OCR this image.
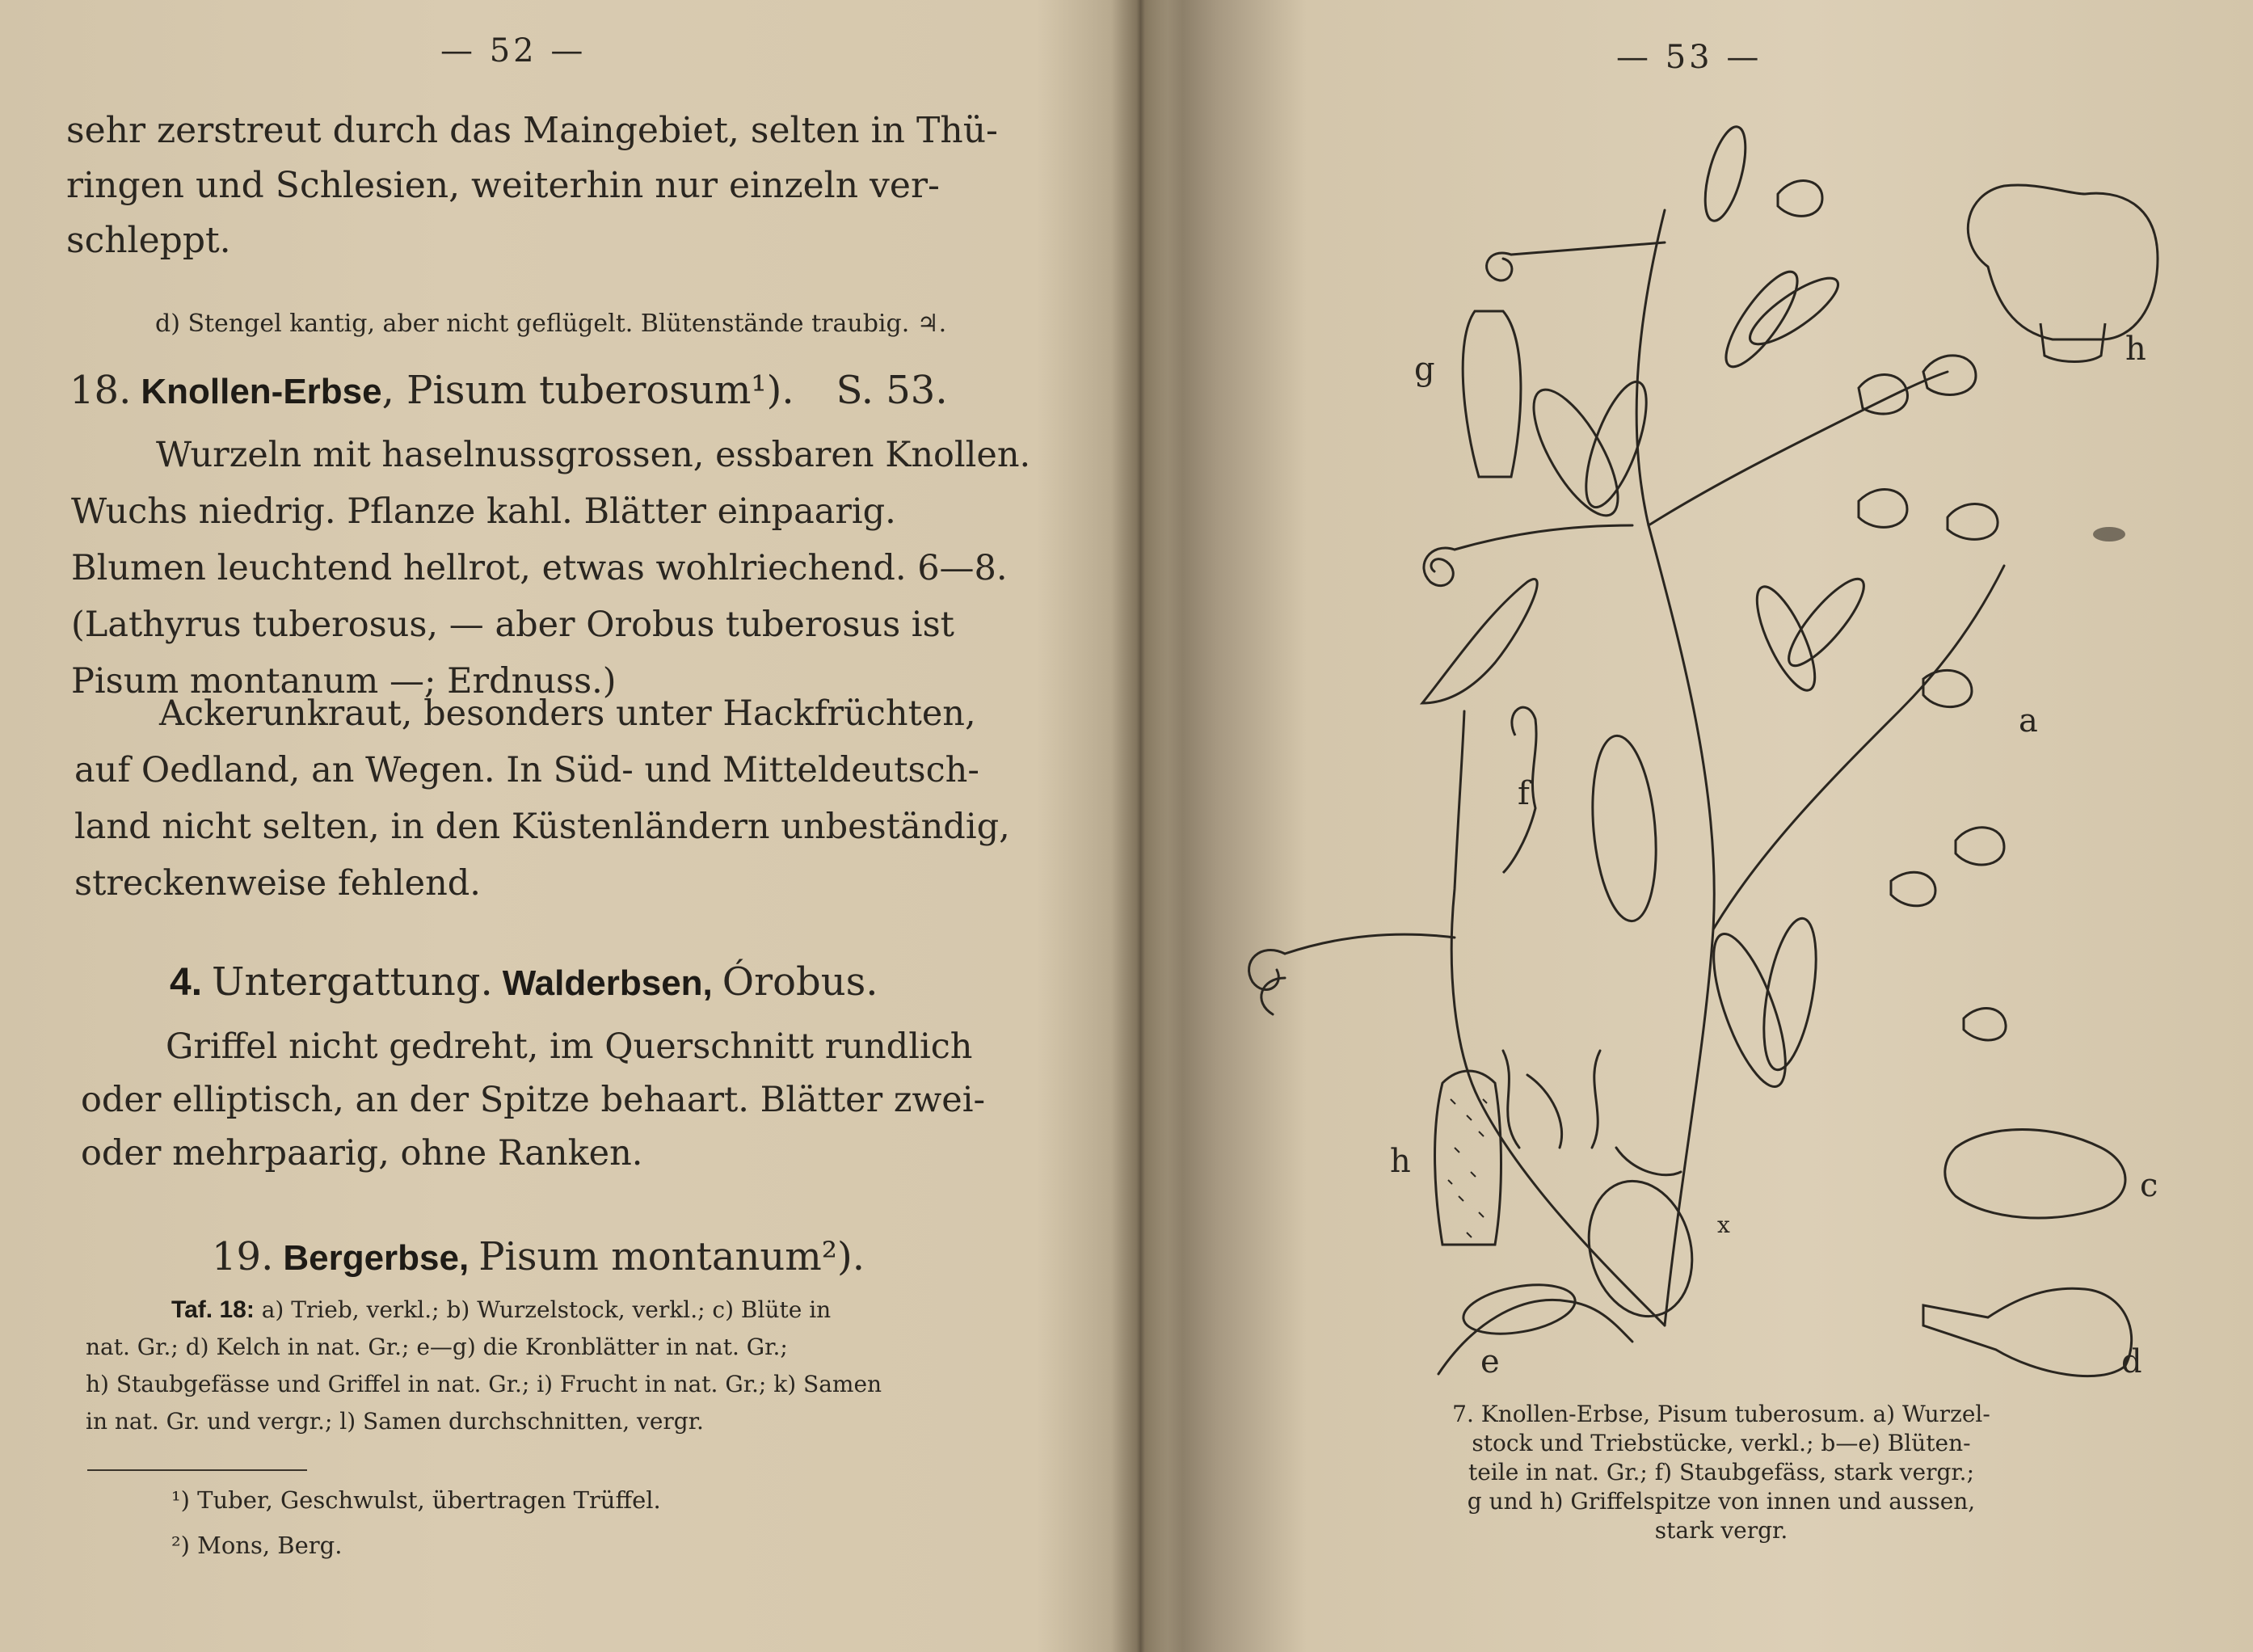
— 52 —
sehr zerstreut durch das Maingebiet, selten in Thü-
ringen und Schlesien, weiterhin nur einzeln ver-
schleppt.
d) Stengel kantig, aber nicht geflügelt. Blütenstände traubig. ♃.
18. Knollen-Erbse, Pisum tuberosum¹). S. 53.
Wurzeln mit haselnussgrossen, essbaren Knollen.
Wuchs niedrig. Pflanze kahl. Blätter einpaarig.
Blumen leuchtend hellrot, etwas wohlriechend. 6—8.
(Lathyrus tuberosus, — aber Orobus tuberosus ist
Pisum montanum —; Erdnuss.)
Ackerunkraut, besonders unter Hackfrüchten,
auf Oedland, an Wegen. In Süd- und Mitteldeutsch-
land nicht selten, in den Küstenländern unbeständig,
streckenweise fehlend.
4. Untergattung. Walderbsen, Órobus.
Griffel nicht gedreht, im Querschnitt rundlich
oder elliptisch, an der Spitze behaart. Blätter zwei-
oder mehrpaarig, ohne Ranken.
19. Bergerbse, Pisum montanum²).
Taf. 18: a) Trieb, verkl.; b) Wurzelstock, verkl.; c) Blüte in
nat. Gr.; d) Kelch in nat. Gr.; e—g) die Kronblätter in nat. Gr.;
h) Staubgefässe und Griffel in nat. Gr.; i) Frucht in nat. Gr.; k) Samen
in nat. Gr. und vergr.; l) Samen durchschnitten, vergr.
¹) Tuber, Geschwulst, übertragen Trüffel.
²) Mons, Berg.
— 53 —
a
c
d
e
f
g
h
h
x
7. Knollen-Erbse, Pisum tuberosum. a) Wurzel-
stock und Triebstücke, verkl.; b—e) Blüten-
teile in nat. Gr.; f) Staubgefäss, stark vergr.;
g und h) Griffelspitze von innen und aussen,
stark vergr.
